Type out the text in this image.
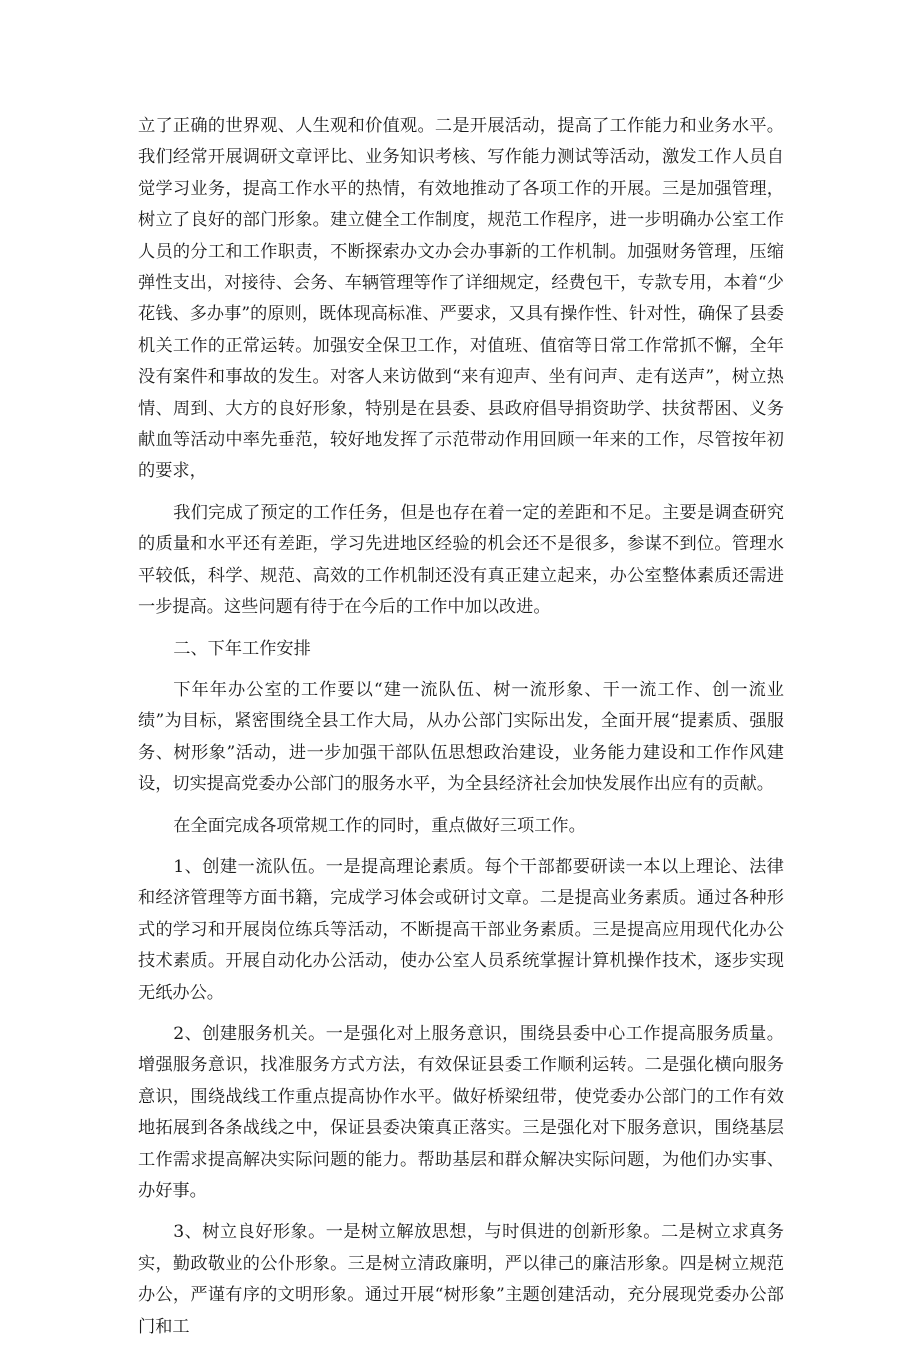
立了正确的世界观、人生观和价值观。二是开展活动，提高了工作能力和业务水平。我们经常开展调研文章评比、业务知识考核、写作能力测试等活动，激发工作人员自觉学习业务，提高工作水平的热情，有效地推动了各项工作的开展。三是加强管理，树立了良好的部门形象。建立健全工作制度，规范工作程序，进一步明确办公室工作人员的分工和工作职责，不断探索办文办会办事新的工作机制。加强财务管理，压缩弹性支出，对接待、会务、车辆管理等作了详细规定，经费包干，专款专用，本着“少花钱、多办事”的原则，既体现高标准、严要求，又具有操作性、针对性，确保了县委机关工作的正常运转。加强安全保卫工作，对值班、值宿等日常工作常抓不懈，全年没有案件和事故的发生。对客人来访做到“来有迎声、坐有问声、走有送声”，树立热情、周到、大方的良好形象，特别是在县委、县政府倡导捐资助学、扶贫帮困、义务献血等活动中率先垂范，较好地发挥了示范带动作用回顾一年来的工作，尽管按年初的要求，

我们完成了预定的工作任务，但是也存在着一定的差距和不足。主要是调查研究的质量和水平还有差距，学习先进地区经验的机会还不是很多，参谋不到位。管理水平较低，科学、规范、高效的工作机制还没有真正建立起来，办公室整体素质还需进一步提高。这些问题有待于在今后的工作中加以改进。

二、下年工作安排

下年年办公室的工作要以“建一流队伍、树一流形象、干一流工作、创一流业绩”为目标，紧密围绕全县工作大局，从办公部门实际出发，全面开展“提素质、强服务、树形象”活动，进一步加强干部队伍思想政治建设，业务能力建设和工作作风建设，切实提高党委办公部门的服务水平，为全县经济社会加快发展作出应有的贡献。

在全面完成各项常规工作的同时，重点做好三项工作。

1、创建一流队伍。一是提高理论素质。每个干部都要研读一本以上理论、法律和经济管理等方面书籍，完成学习体会或研讨文章。二是提高业务素质。通过各种形式的学习和开展岗位练兵等活动，不断提高干部业务素质。三是提高应用现代化办公技术素质。开展自动化办公活动，使办公室人员系统掌握计算机操作技术，逐步实现无纸办公。

2、创建服务机关。一是强化对上服务意识，围绕县委中心工作提高服务质量。增强服务意识，找准服务方式方法，有效保证县委工作顺利运转。二是强化横向服务意识，围绕战线工作重点提高协作水平。做好桥梁纽带，使党委办公部门的工作有效地拓展到各条战线之中，保证县委决策真正落实。三是强化对下服务意识，围绕基层工作需求提高解决实际问题的能力。帮助基层和群众解决实际问题，为他们办实事、办好事。

3、树立良好形象。一是树立解放思想，与时俱进的创新形象。二是树立求真务实，勤政敬业的公仆形象。三是树立清政廉明，严以律己的廉洁形象。四是树立规范办公，严谨有序的文明形象。通过开展“树形象”主题创建活动，充分展现党委办公部门和工
